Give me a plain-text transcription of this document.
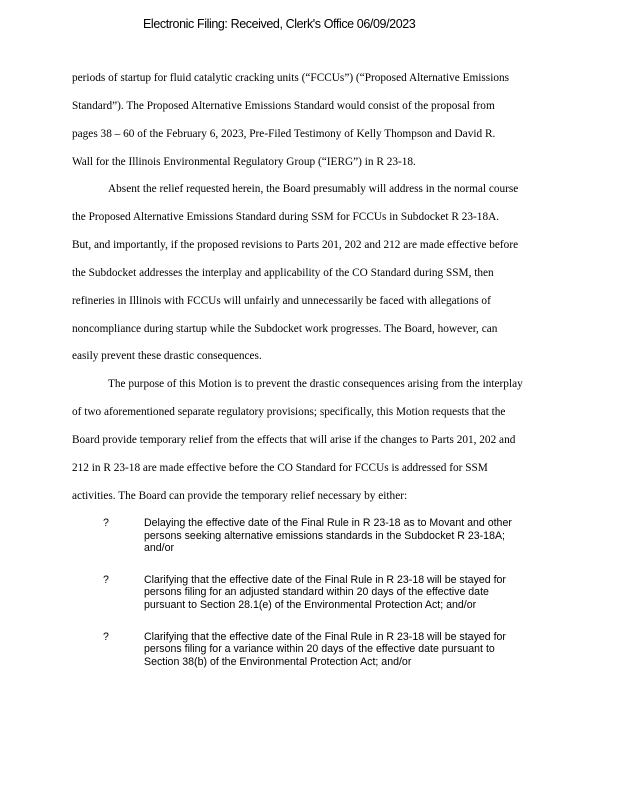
Electronic Filing: Received, Clerk's Office 06/09/2023
periods of startup for fluid catalytic cracking units (“FCCUs”) (“Proposed Alternative Emissions
Standard”). The Proposed Alternative Emissions Standard would consist of the proposal from
pages 38 – 60 of the February 6, 2023, Pre-Filed Testimony of Kelly Thompson and David R.
Wall for the Illinois Environmental Regulatory Group (“IERG”) in R 23-18.
Absent the relief requested herein, the Board presumably will address in the normal course
the Proposed Alternative Emissions Standard during SSM for FCCUs in Subdocket R 23-18A.
But, and importantly, if the proposed revisions to Parts 201, 202 and 212 are made effective before
the Subdocket addresses the interplay and applicability of the CO Standard during SSM, then
refineries in Illinois with FCCUs will unfairly and unnecessarily be faced with allegations of
noncompliance during startup while the Subdocket work progresses. The Board, however, can
easily prevent these drastic consequences.
The purpose of this Motion is to prevent the drastic consequences arising from the interplay
of two aforementioned separate regulatory provisions; specifically, this Motion requests that the
Board provide temporary relief from the effects that will arise if the changes to Parts 201, 202 and
212 in R 23-18 are made effective before the CO Standard for FCCUs is addressed for SSM
activities. The Board can provide the temporary relief necessary by either:
?	Delaying the effective date of the Final Rule in R 23-18 as to Movant and other
persons seeking alternative emissions standards in the Subdocket R 23-18A;
and/or
?	Clarifying that the effective date of the Final Rule in R 23-18 will be stayed for
persons filing for an adjusted standard within 20 days of the effective date
pursuant to Section 28.1(e) of the Environmental Protection Act; and/or
?	Clarifying that the effective date of the Final Rule in R 23-18 will be stayed for
persons filing for a variance within 20 days of the effective date pursuant to
Section 38(b) of the Environmental Protection Act; and/or
